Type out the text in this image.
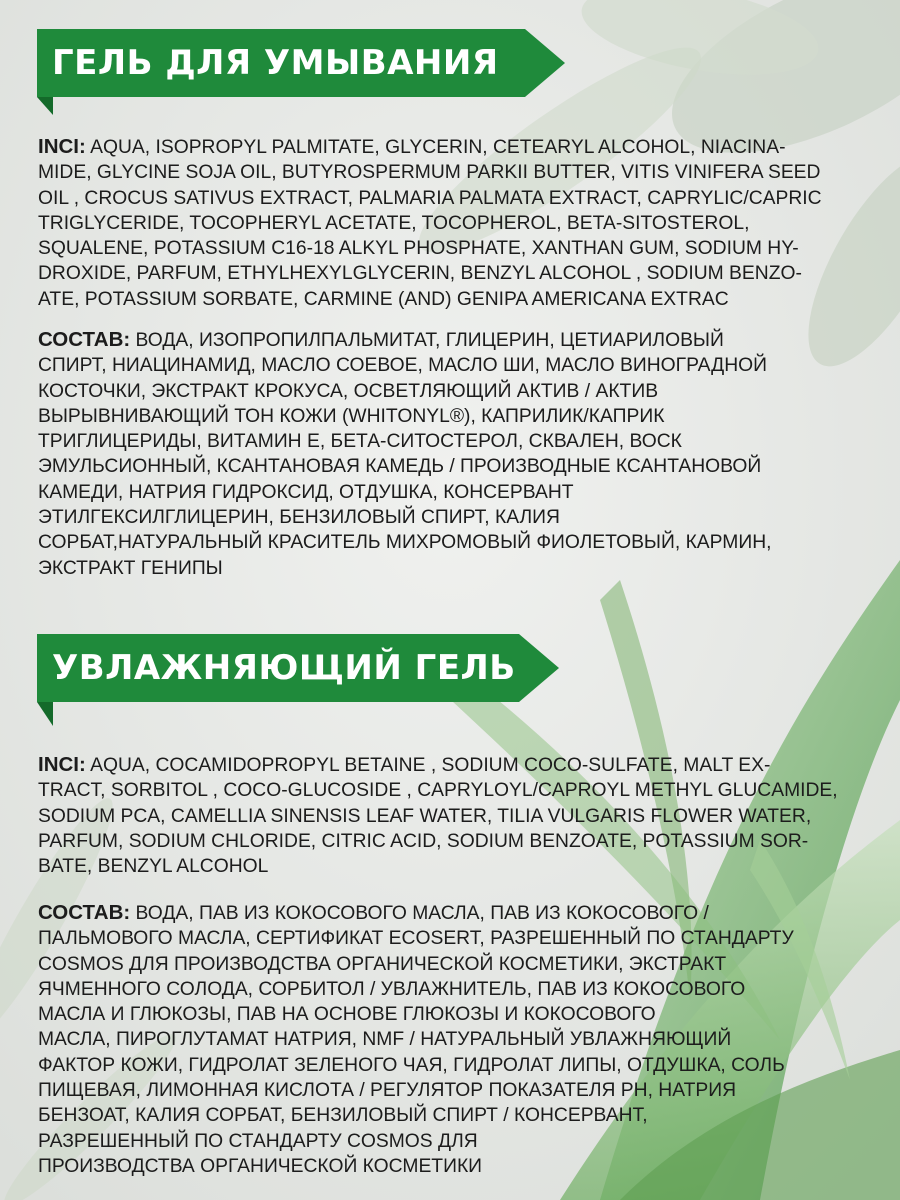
ГЕЛЬ ДЛЯ УМЫВАНИЯ
INCI: AQUA, ISOPROPYL PALMITATE, GLYCERIN, CETEARYL ALCOHOL, NIACINA-
MIDE, GLYCINE SOJA OIL, BUTYROSPERMUM PARKII BUTTER, VITIS VINIFERA SEED
OIL , CROCUS SATIVUS EXTRACT, PALMARIA PALMATA EXTRACT, CAPRYLIC/CAPRIC
TRIGLYCERIDE, TOCOPHERYL ACETATE, TOCOPHEROL, BETA-SITOSTEROL,
SQUALENE, POTASSIUM C16-18 ALKYL PHOSPHATE, XANTHAN GUM, SODIUM HY-
DROXIDE, PARFUM, ETHYLHEXYLGLYCERIN, BENZYL ALCOHOL , SODIUM BENZO-
ATE, POTASSIUM SORBATE, CARMINE (AND) GENIPA AMERICANA EXTRAC
СОСТАВ: ВОДА, ИЗОПРОПИЛПАЛЬМИТАТ, ГЛИЦЕРИН, ЦЕТИАРИЛОВЫЙ
СПИРТ, НИАЦИНАМИД, МАСЛО СОЕВОЕ, МАСЛО ШИ, МАСЛО ВИНОГРАДНОЙ
КОСТОЧКИ, ЭКСТРАКТ КРОКУСА, ОСВЕТЛЯЮЩИЙ АКТИВ / АКТИВ
ВЫРЫВНИВАЮЩИЙ ТОН КОЖИ (WHITONYL®), КАПРИЛИК/КАПРИК
ТРИГЛИЦЕРИДЫ, ВИТАМИН Е, БЕТА-СИТОСТЕРОЛ, СКВАЛЕН, ВОСК
ЭМУЛЬСИОННЫЙ, КСАНТАНОВАЯ КАМЕДЬ / ПРОИЗВОДНЫЕ КСАНТАНОВОЙ
КАМЕДИ, НАТРИЯ ГИДРОКСИД, ОТДУШКА, КОНСЕРВАНТ
ЭТИЛГЕКСИЛГЛИЦЕРИН, БЕНЗИЛОВЫЙ СПИРТ, КАЛИЯ
СОРБАТ,НАТУРАЛЬНЫЙ КРАСИТЕЛЬ МИХРОМОВЫЙ ФИОЛЕТОВЫЙ, КАРМИН,
ЭКСТРАКТ ГЕНИПЫ
УВЛАЖНЯЮЩИЙ ГЕЛЬ
INCI: AQUA, COCAMIDOPROPYL BETAINE , SODIUM COCO-SULFATE, MALT EX-
TRACT, SORBITOL , COCO-GLUCOSIDE , CAPRYLOYL/CAPROYL METHYL GLUCAMIDE,
SODIUM PCA, CAMELLIA SINENSIS LEAF WATER, TILIA VULGARIS FLOWER WATER,
PARFUM, SODIUM CHLORIDE, CITRIC ACID, SODIUM BENZOATE, POTASSIUM SOR-
BATE, BENZYL ALCOHOL
СОСТАВ: ВОДА, ПАВ ИЗ КОКОСОВОГО МАСЛА, ПАВ ИЗ КОКОСОВОГО /
ПАЛЬМОВОГО МАСЛА, СЕРТИФИКАТ ECOSERT, РАЗРЕШЕННЫЙ ПО СТАНДАРТУ
COSMOS ДЛЯ ПРОИЗВОДСТВА ОРГАНИЧЕСКОЙ КОСМЕТИКИ, ЭКСТРАКТ
ЯЧМЕННОГО СОЛОДА, СОРБИТОЛ / УВЛАЖНИТЕЛЬ, ПАВ ИЗ КОКОСОВОГО
МАСЛА И ГЛЮКОЗЫ, ПАВ НА ОСНОВЕ ГЛЮКОЗЫ И КОКОСОВОГО
МАСЛА, ПИРОГЛУТАМАТ НАТРИЯ, NMF / НАТУРАЛЬНЫЙ УВЛАЖНЯЮЩИЙ
ФАКТОР КОЖИ, ГИДРОЛАТ ЗЕЛЕНОГО ЧАЯ, ГИДРОЛАТ ЛИПЫ, ОТДУШКА, СОЛЬ
ПИЩЕВАЯ, ЛИМОННАЯ КИСЛОТА / РЕГУЛЯТОР ПОКАЗАТЕЛЯ PH, НАТРИЯ
БЕНЗОАТ, КАЛИЯ СОРБАТ, БЕНЗИЛОВЫЙ СПИРТ / КОНСЕРВАНТ,
РАЗРЕШЕННЫЙ ПО СТАНДАРТУ COSMOS ДЛЯ
ПРОИЗВОДСТВА ОРГАНИЧЕСКОЙ КОСМЕТИКИ
